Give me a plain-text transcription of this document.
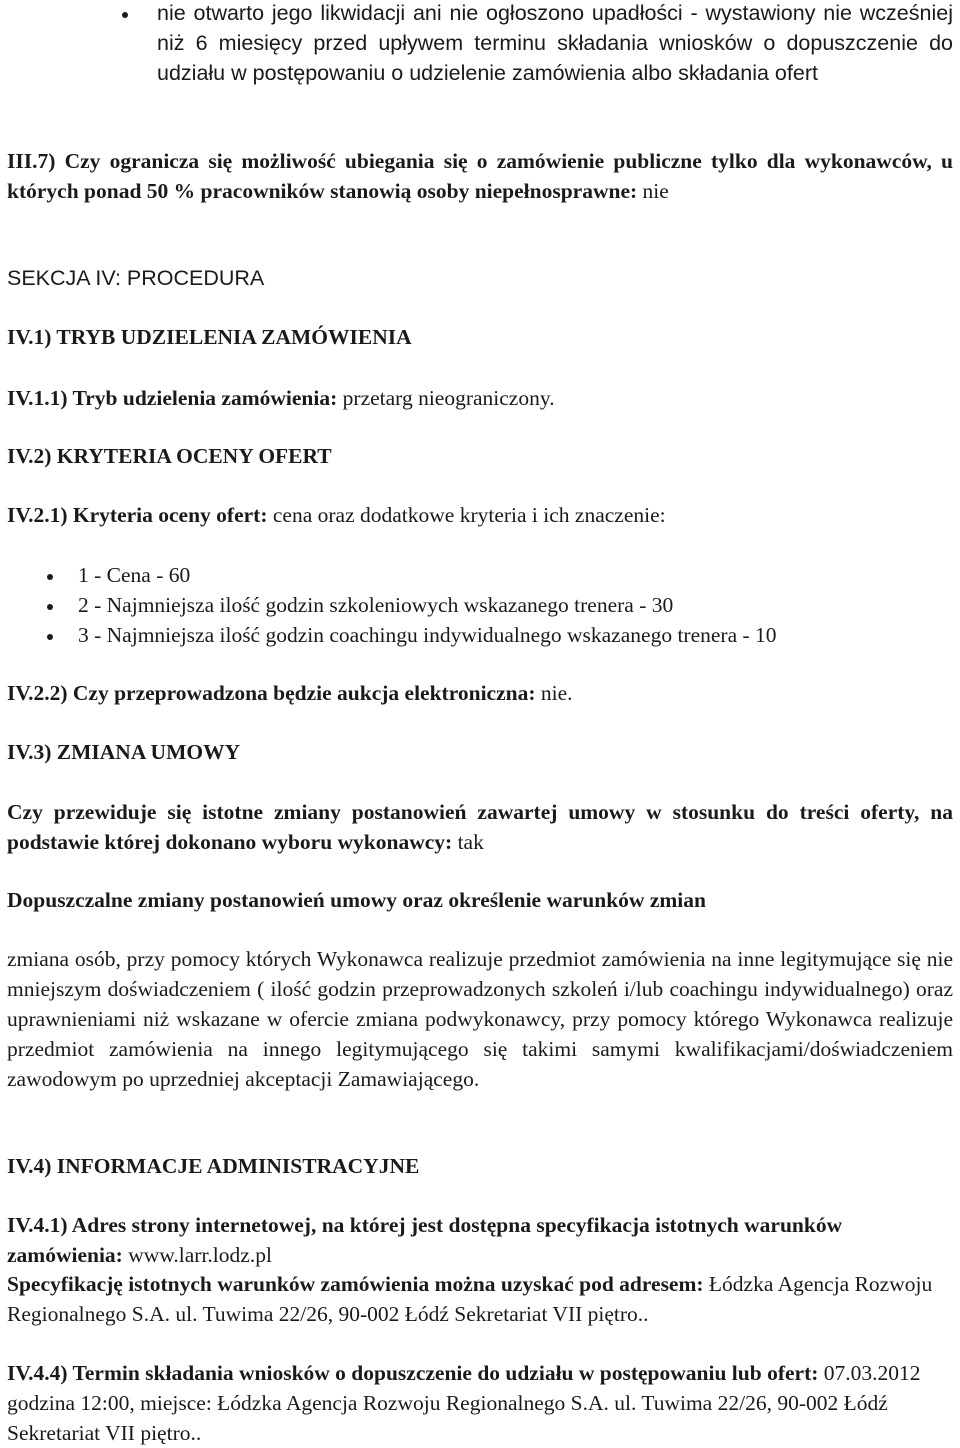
nie otwarto jego likwidacji ani nie ogłoszono upadłości - wystawiony nie wcześniej niż 6 miesięcy przed upływem terminu składania wniosków o dopuszczenie do udziału w postępowaniu o udzielenie zamówienia albo składania ofert

III.7) Czy ogranicza się możliwość ubiegania się o zamówienie publiczne tylko dla wykonawców, u których ponad 50 % pracowników stanowią osoby niepełnosprawne: nie

SEKCJA IV: PROCEDURA

IV.1) TRYB UDZIELENIA ZAMÓWIENIA

IV.1.1) Tryb udzielenia zamówienia: przetarg nieograniczony.

IV.2) KRYTERIA OCENY OFERT

IV.2.1) Kryteria oceny ofert: cena oraz dodatkowe kryteria i ich znaczenie:

1 - Cena - 60
2 - Najmniejsza ilość godzin szkoleniowych wskazanego trenera - 30
3 - Najmniejsza ilość godzin coachingu indywidualnego wskazanego trenera - 10

IV.2.2) Czy przeprowadzona będzie aukcja elektroniczna: nie.

IV.3) ZMIANA UMOWY

Czy przewiduje się istotne zmiany postanowień zawartej umowy w stosunku do treści oferty, na podstawie której dokonano wyboru wykonawcy: tak

Dopuszczalne zmiany postanowień umowy oraz określenie warunków zmian

zmiana osób, przy pomocy których Wykonawca realizuje przedmiot zamówienia na inne legitymujące się nie mniejszym doświadczeniem ( ilość godzin przeprowadzonych szkoleń i/lub coachingu indywidualnego) oraz uprawnieniami niż wskazane w ofercie zmiana podwykonawcy, przy pomocy którego Wykonawca realizuje przedmiot zamówienia na innego legitymującego się takimi samymi kwalifikacjami/doświadczeniem zawodowym po uprzedniej akceptacji Zamawiającego.

IV.4) INFORMACJE ADMINISTRACYJNE

IV.4.1) Adres strony internetowej, na której jest dostępna specyfikacja istotnych warunków zamówienia: www.larr.lodz.pl

Specyfikację istotnych warunków zamówienia można uzyskać pod adresem: Łódzka Agencja Rozwoju Regionalnego S.A. ul. Tuwima 22/26, 90-002 Łódź Sekretariat VII piętro..

IV.4.4) Termin składania wniosków o dopuszczenie do udziału w postępowaniu lub ofert: 07.03.2012 godzina 12:00, miejsce: Łódzka Agencja Rozwoju Regionalnego S.A. ul. Tuwima 22/26, 90-002 Łódź Sekretariat VII piętro..
